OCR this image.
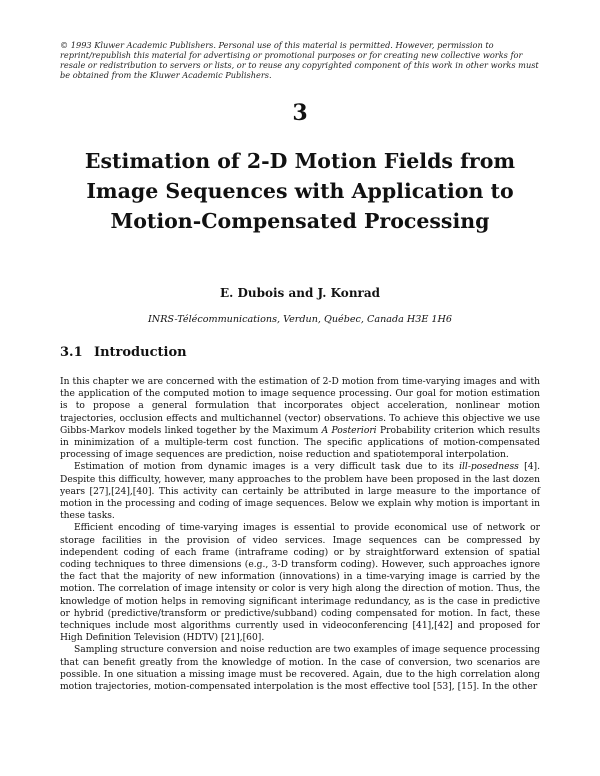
© 1993 Kluwer Academic Publishers. Personal use of this material is permitted. However, permission to reprint/republish this material for advertising or promotional purposes or for creating new collective works for resale or redistribution to servers or lists, or to reuse any copyrighted component of this work in other works must be obtained from the Kluwer Academic Publishers.
3
Estimation of 2-D Motion Fields from Image Sequences with Application to Motion-Compensated Processing
E. Dubois and J. Konrad
INRS-Télécommunications, Verdun, Québec, Canada H3E 1H6
3.1 Introduction

In this chapter we are concerned with the estimation of 2-D motion from time-varying images and with the application of the computed motion to image sequence processing. Our goal for motion estimation is to propose a general formulation that incorporates object acceleration, nonlinear motion trajectories, occlusion effects and multichannel (vector) observations. To achieve this objective we use Gibbs-Markov models linked together by the Maximum A Posteriori Probability criterion which results in minimization of a multiple-term cost function. The specific applications of motion-compensated processing of image sequences are prediction, noise reduction and spatiotemporal interpolation.

Estimation of motion from dynamic images is a very difficult task due to its ill-posedness [4]. Despite this difficulty, however, many approaches to the problem have been proposed in the last dozen years [27],[24],[40]. This activity can certainly be attributed in large measure to the importance of motion in the processing and coding of image sequences. Below we explain why motion is important in these tasks.

Efficient encoding of time-varying images is essential to provide economical use of network or storage facilities in the provision of video services. Image sequences can be compressed by independent coding of each frame (intraframe coding) or by straightforward extension of spatial coding techniques to three dimensions (e.g., 3-D transform coding). However, such approaches ignore the fact that the majority of new information (innovations) in a time-varying image is carried by the motion. The correlation of image intensity or color is very high along the direction of motion. Thus, the knowledge of motion helps in removing significant interimage redundancy, as is the case in predictive or hybrid (predictive/transform or predictive/subband) coding compensated for motion. In fact, these techniques include most algorithms currently used in videoconferencing [41],[42] and proposed for High Definition Television (HDTV) [21],[60].

Sampling structure conversion and noise reduction are two examples of image sequence processing that can benefit greatly from the knowledge of motion. In the case of conversion, two scenarios are possible. In one situation a missing image must be recovered. Again, due to the high correlation along motion trajectories, motion-compensated interpolation is the most effective tool [53], [15]. In the other
